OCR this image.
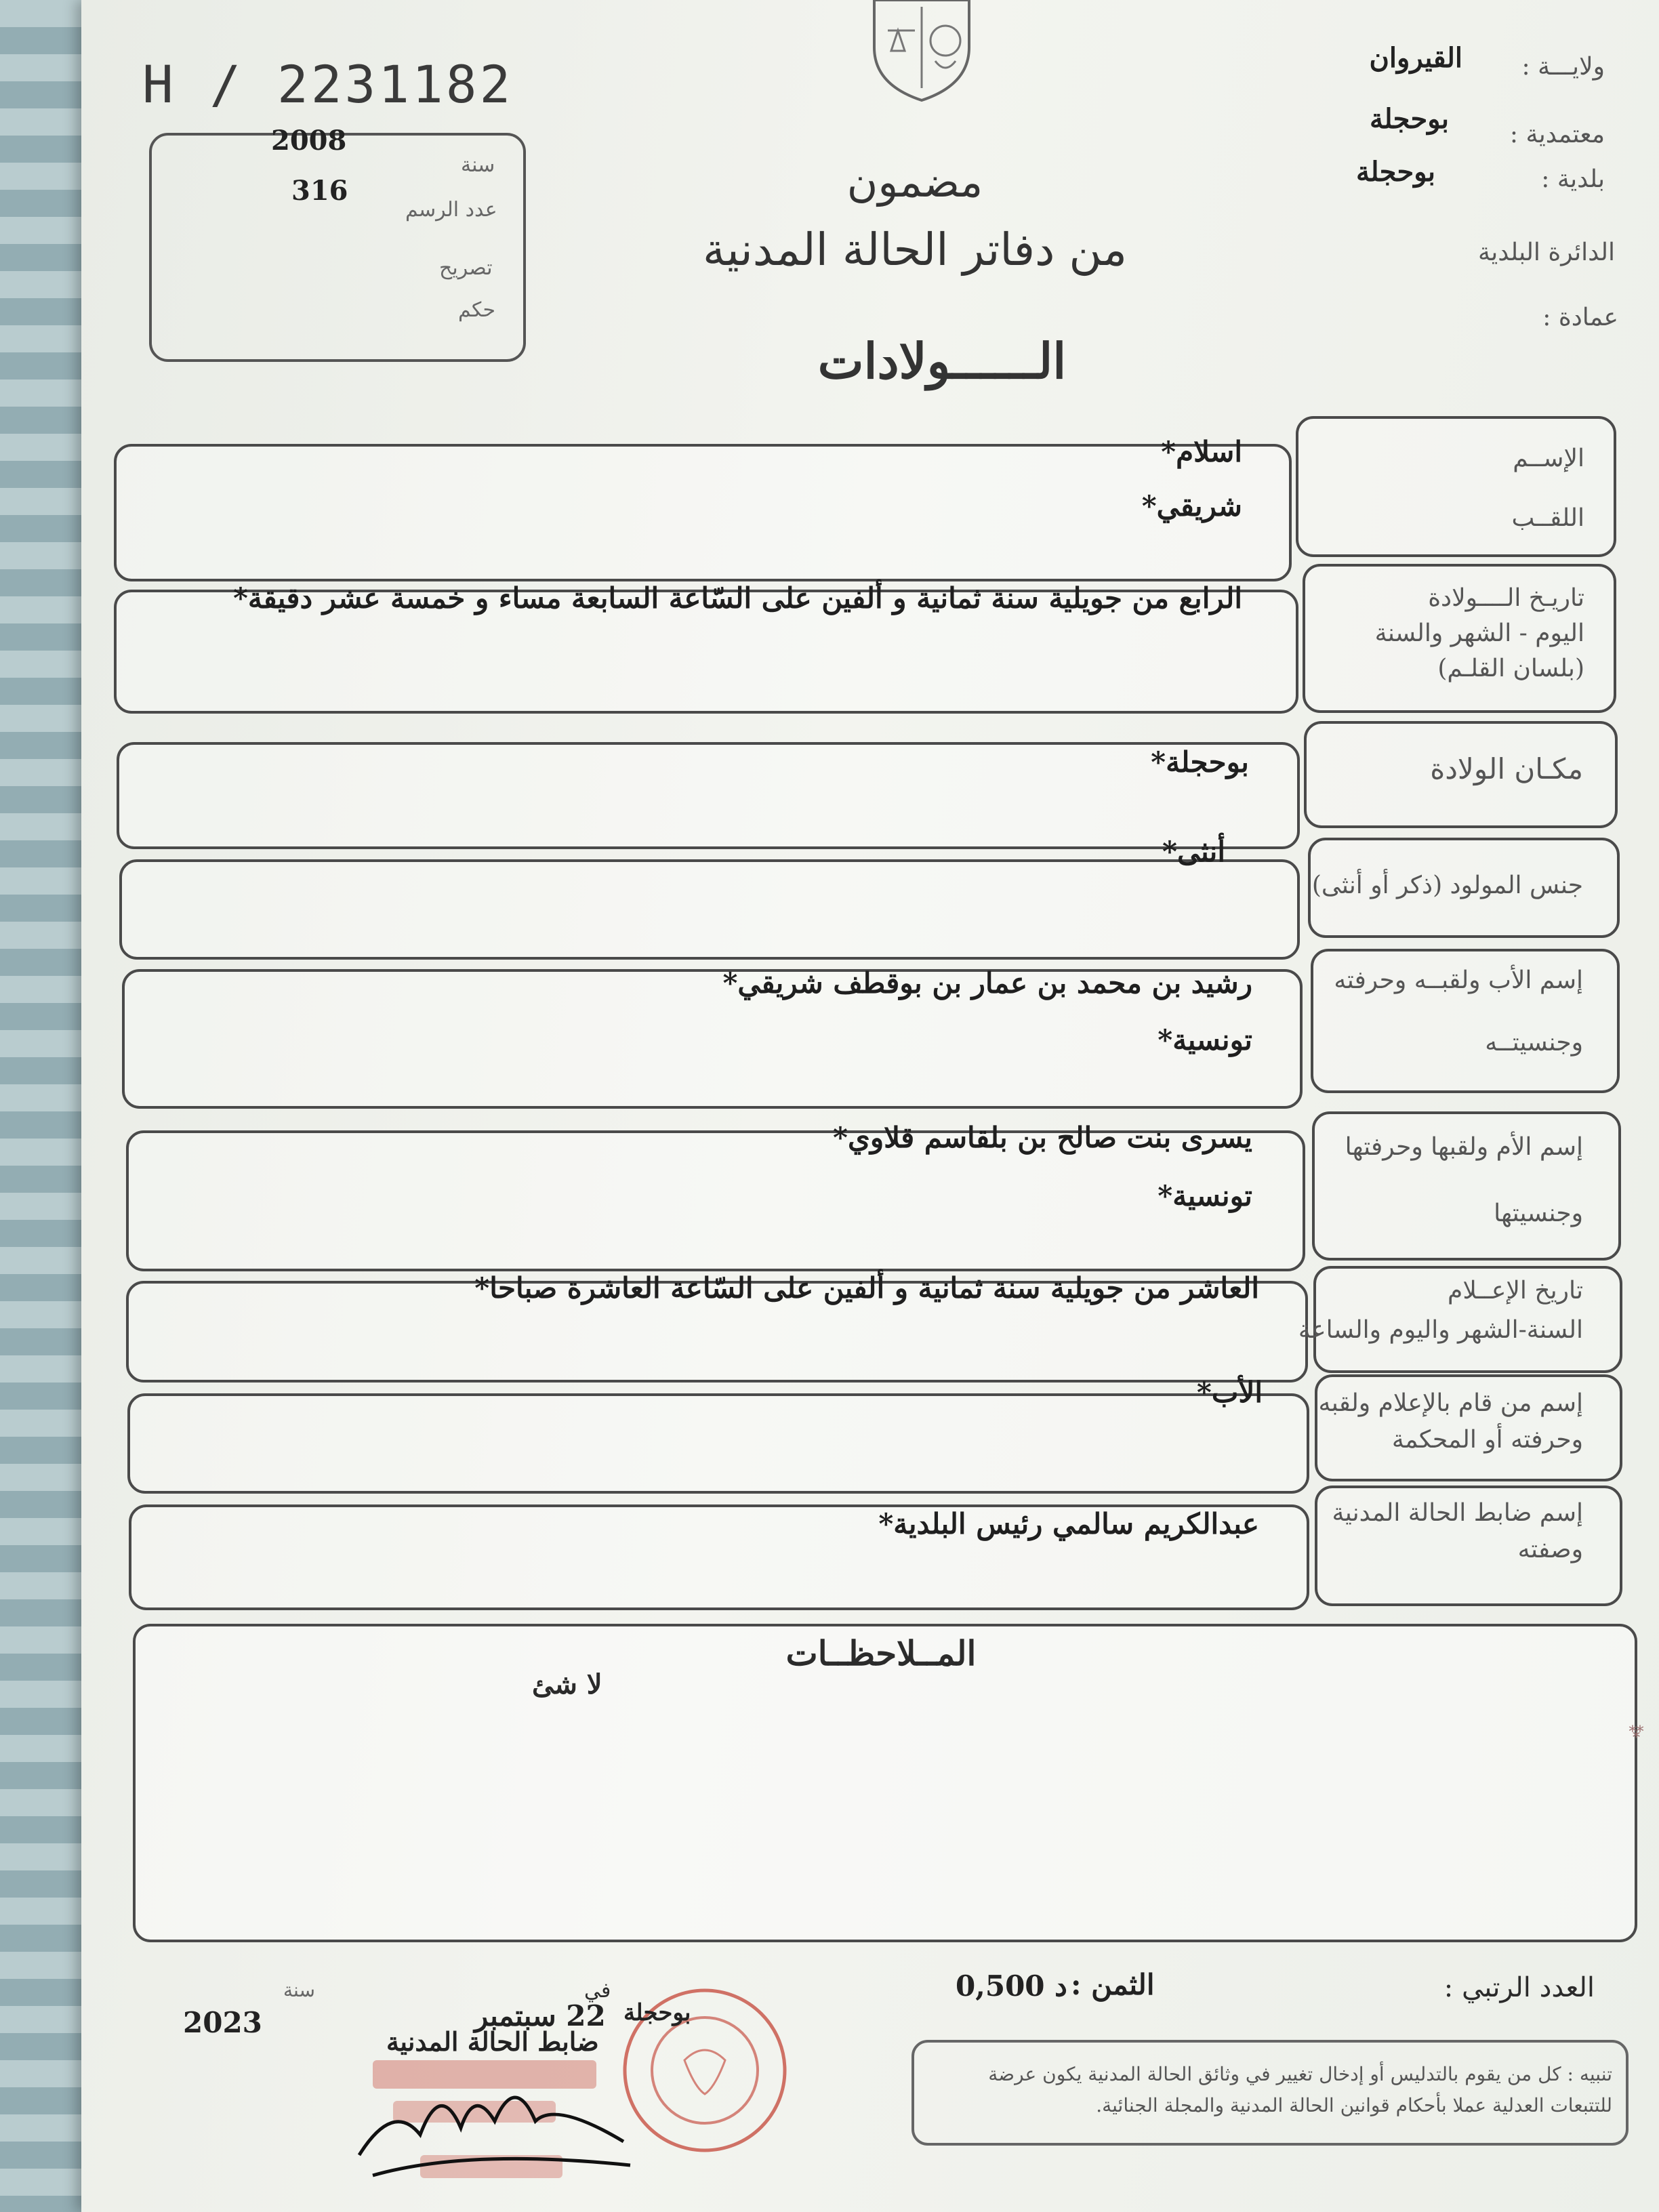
H / 2231182
2008
سنة
316
عدد الرسم
تصريح
حكم
ولايـــة :
القيروان
معتمدية :
بوحجلة
بلدية :
بوحجلة
الدائرة البلدية
عمادة :
مضمون
من دفاتر الحالة المدنية
الــــــولادات
الإســم
اللقــب
اسلام*
شريقي*
تاريـخ الــــولادة
اليوم - الشهر والسنة
(بلسان القلـم)
الرابع من جويلية سنة ثمانية و ألفين على السّاعة السابعة مساء و خمسة عشر دقيقة*
مكـان الولادة
بوحجلة*
جنس المولود (ذكر أو أنثى)
أنثى*
إسم الأب ولقبــه وحرفته
وجنسيتــه
رشيد بن محمد بن عمار بن بوقطف شريقي*
تونسية*
إسم الأم ولقبها وحرفتها
وجنسيتها
يسرى بنت صالح بن بلقاسم قلاوي*
تونسية*
تاريخ الإعــلام
السنة-الشهر واليوم والساعة
العاشر من جويلية سنة ثمانية و ألفين على السّاعة العاشرة صباحا*
إسم من قام بالإعلام ولقبه
وحرفته أو المحكمة
الأب*
إسم ضابط الحالة المدنية
وصفته
عبدالكريم سالمي رئيس البلدية*
المــلاحظــات
لا شئ
العدد الرتبي :
الثمن :
0,500 د
بوحجلة
في
22 سبتمبر
سنة
2023
ضابط الحالة المدنية
تنبيه : كل من يقوم بالتدليس أو إدخال تغيير في وثائق الحالة المدنية يكون عرضة للتتبعات العدلية عملا بأحكام قوانين الحالة المدنية والمجلة الجنائية.
⁂
